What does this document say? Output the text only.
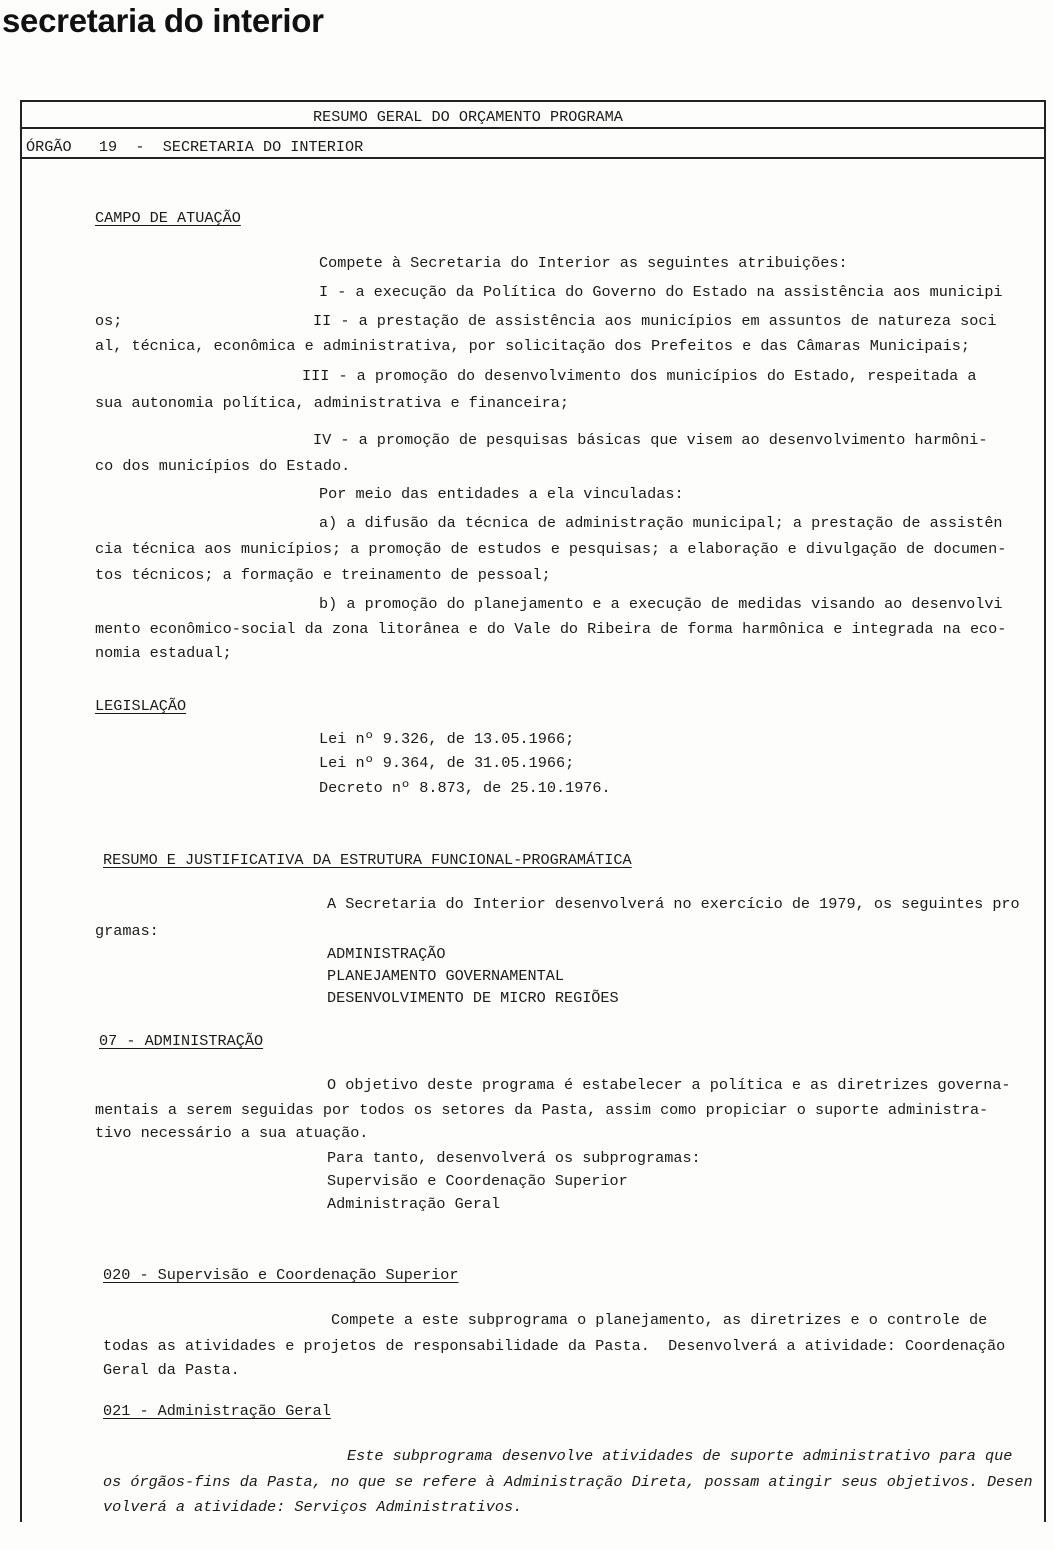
secretaria do interior
RESUMO GERAL DO ORÇAMENTO PROGRAMA
ÓRGÃO   19  -  SECRETARIA DO INTERIOR
CAMPO DE ATUAÇÃO
Compete à Secretaria do Interior as seguintes atribuições:
I - a execução da Política do Governo do Estado na assistência aos municipi
os;	II - a prestação de assistência aos municípios em assuntos de natureza soci
al, técnica, econômica e administrativa, por solicitação dos Prefeitos e das Câmaras Municipais;
III - a promoção do desenvolvimento dos municípios do Estado, respeitada a
sua autonomia política, administrativa e financeira;
IV - a promoção de pesquisas básicas que visem ao desenvolvimento harmôni-
co dos municípios do Estado.
Por meio das entidades a ela vinculadas:
a) a difusão da técnica de administração municipal; a prestação de assistên
cia técnica aos municípios; a promoção de estudos e pesquisas; a elaboração e divulgação de documen-
tos técnicos; a formação e treinamento de pessoal;
b) a promoção do planejamento e a execução de medidas visando ao desenvolvi
mento econômico-social da zona litorânea e do Vale do Ribeira de forma harmônica e integrada na eco-
nomia estadual;
LEGISLAÇÃO
Lei nº 9.326, de 13.05.1966;
Lei nº 9.364, de 31.05.1966;
Decreto nº 8.873, de 25.10.1976.
RESUMO E JUSTIFICATIVA DA ESTRUTURA FUNCIONAL-PROGRAMÁTICA
A Secretaria do Interior desenvolverá no exercício de 1979, os seguintes pro
gramas:
ADMINISTRAÇÃO
PLANEJAMENTO GOVERNAMENTAL
DESENVOLVIMENTO DE MICRO REGIÕES
07 - ADMINISTRAÇÃO
O objetivo deste programa é estabelecer a política e as diretrizes governa-
mentais a serem seguidas por todos os setores da Pasta, assim como propiciar o suporte administra-
tivo necessário a sua atuação.
Para tanto, desenvolverá os subprogramas:
Supervisão e Coordenação Superior
Administração Geral
020 - Supervisão e Coordenação Superior
Compete a este subprograma o planejamento, as diretrizes e o controle de
todas as atividades e projetos de responsabilidade da Pasta.  Desenvolverá a atividade: Coordenação
Geral da Pasta.
021 - Administração Geral
Este subprograma desenvolve atividades de suporte administrativo para que
os órgãos-fins da Pasta, no que se refere à Administração Direta, possam atingir seus objetivos. Desen
volverá a atividade: Serviços Administrativos.
